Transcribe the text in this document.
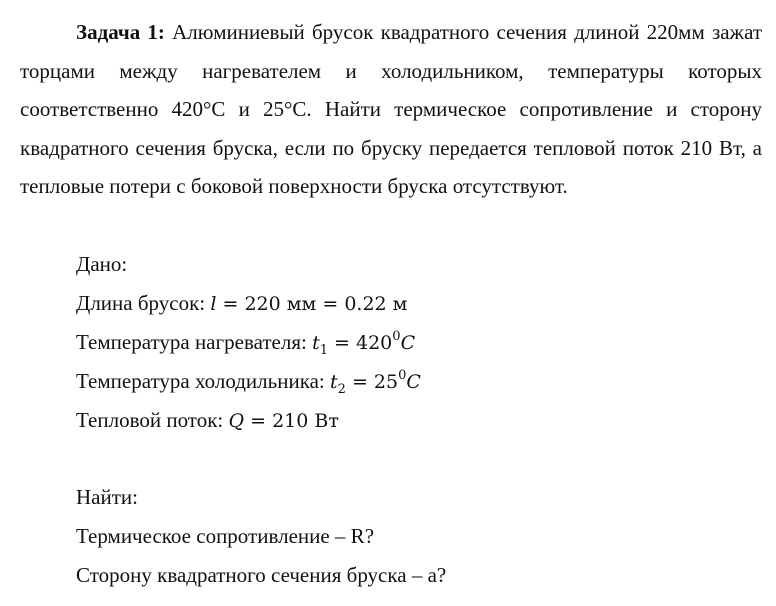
Задача 1: Алюминиевый брусок квадратного сечения длиной 220мм зажат торцами между нагревателем и холодильником, температуры которых соответственно 420°С и 25°С. Найти термическое сопротивление и сторону квадратного сечения бруска, если по бруску передается тепловой поток 210 Вт, а тепловые потери с боковой поверхности бруска отсутствуют.

Дано:
Длина брусок: l = 220 мм = 0.22 м
Температура нагревателя: $t_1 = 420^0C$
Температура холодильника: $t_2 = 25^0C$
Тепловой поток: Q = 210 Вт
Найти:
Термическое сопротивление – R?
Сторону квадратного сечения бруска – а?
